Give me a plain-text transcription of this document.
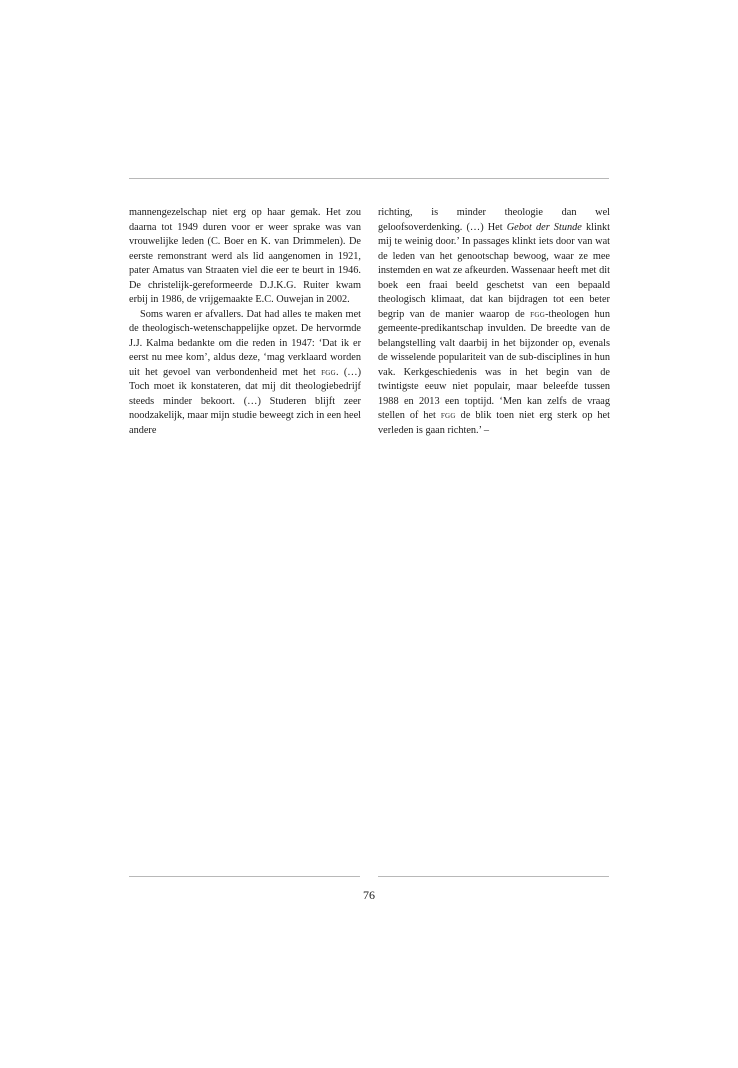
mannengezelschap niet erg op haar gemak. Het zou daarna tot 1949 duren voor er weer sprake was van vrouwelijke leden (C. Boer en K. van Drimmelen). De eerste remonstrant werd als lid aangenomen in 1921, pater Amatus van Straaten viel die eer te beurt in 1946. De christelijk-gereformeerde D.J.K.G. Ruiter kwam erbij in 1986, de vrijgemaakte E.C. Ouwejan in 2002.

Soms waren er afvallers. Dat had alles te maken met de theologisch-wetenschappelijke opzet. De hervormde J.J. Kalma bedankte om die reden in 1947: ‘Dat ik er eerst nu mee kom’, aldus deze, ‘mag verklaard worden uit het gevoel van verbondenheid met het fgg. (…) Toch moet ik konstateren, dat mij dit theologiebedrijf steeds minder bekoort. (…) Studeren blijft zeer noodzakelijk, maar mijn studie beweegt zich in een heel andere

richting, is minder theologie dan wel geloofsoverdenking. (…) Het Gebot der Stunde klinkt mij te weinig door.’ In passages klinkt iets door van wat de leden van het genootschap bewoog, waar ze mee instemden en wat ze afkeurden. Wassenaar heeft met dit boek een fraai beeld geschetst van een bepaald theologisch klimaat, dat kan bijdragen tot een beter begrip van de manier waarop de fgg-theologen hun gemeente-predikantschap invulden. De breedte van de belangstelling valt daarbij in het bijzonder op, evenals de wisselende populariteit van de sub-disciplines in hun vak. Kerkgeschiedenis was in het begin van de twintigste eeuw niet populair, maar beleefde tussen 1988 en 2013 een toptijd. ‘Men kan zelfs de vraag stellen of het fgg de blik toen niet erg sterk op het verleden is gaan richten.’ –

76
